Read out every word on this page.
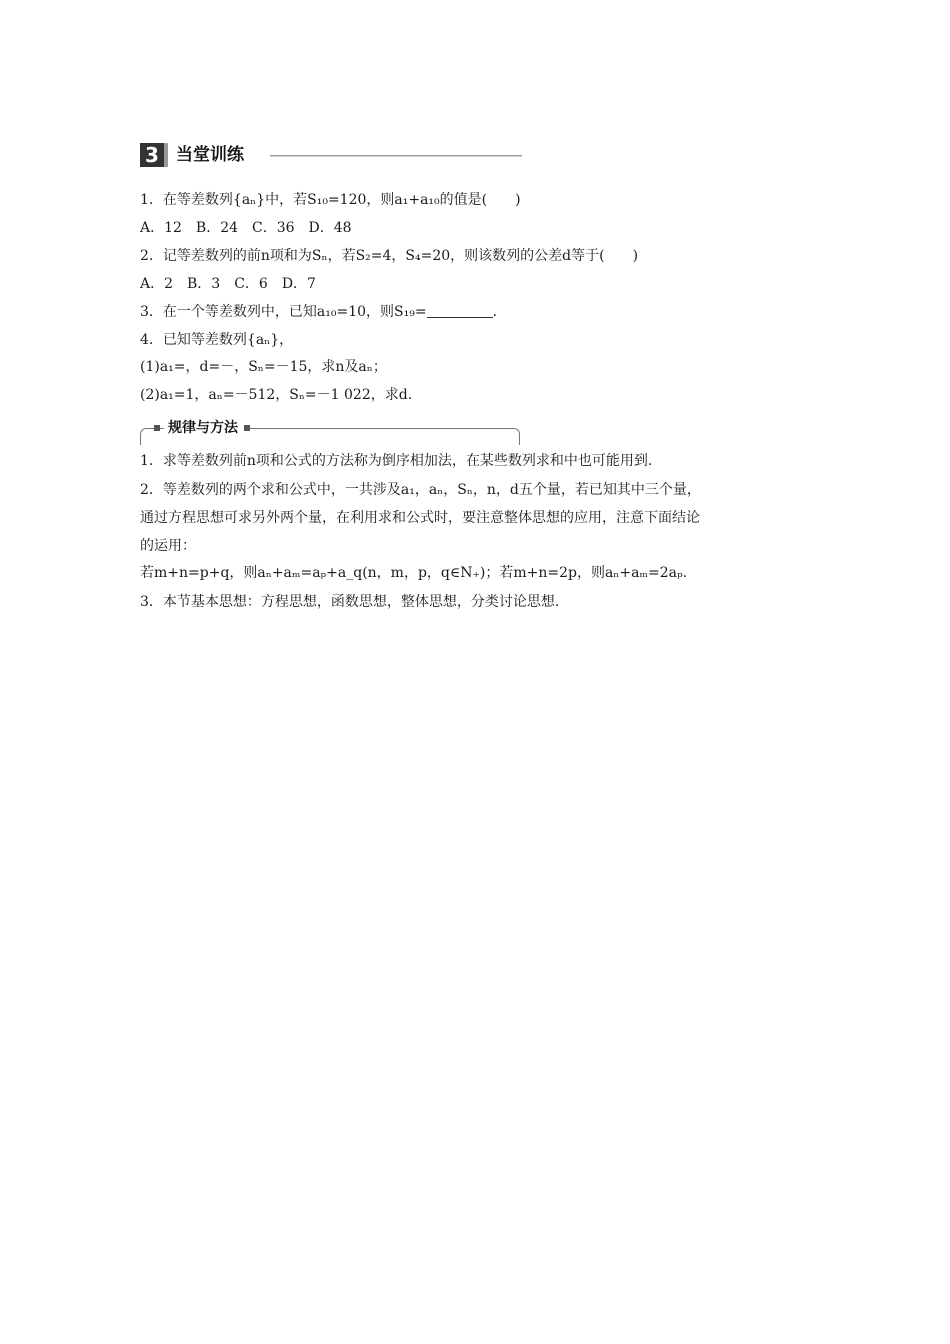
3 当堂训练
1．在等差数列{aₙ}中，若S₁₀=120，则a₁+a₁₀的值是(　　)
A．12　B．24　C．36　D．48
2．记等差数列的前n项和为Sₙ，若S₂=4，S₄=20，则该数列的公差d等于(　　)
A．2　B．3　C．6　D．7
3．在一个等差数列中，已知a₁₀=10，则S₁₉=	.
4．已知等差数列{aₙ}，
(1)a₁=，d=－，Sₙ=－15，求n及aₙ；
(2)a₁=1，aₙ=－512，Sₙ=－1 022，求d.
规律与方法
1．求等差数列前n项和公式的方法称为倒序相加法，在某些数列求和中也可能用到.
2．等差数列的两个求和公式中，一共涉及a₁，aₙ，Sₙ，n，d五个量，若已知其中三个量，
通过方程思想可求另外两个量，在利用求和公式时，要注意整体思想的应用，注意下面结论
的运用：
若m+n=p+q，则aₙ+aₘ=aₚ+a_q(n，m，p，q∈N₊)；若m+n=2p，则aₙ+aₘ=2aₚ.
3．本节基本思想：方程思想，函数思想，整体思想，分类讨论思想.
